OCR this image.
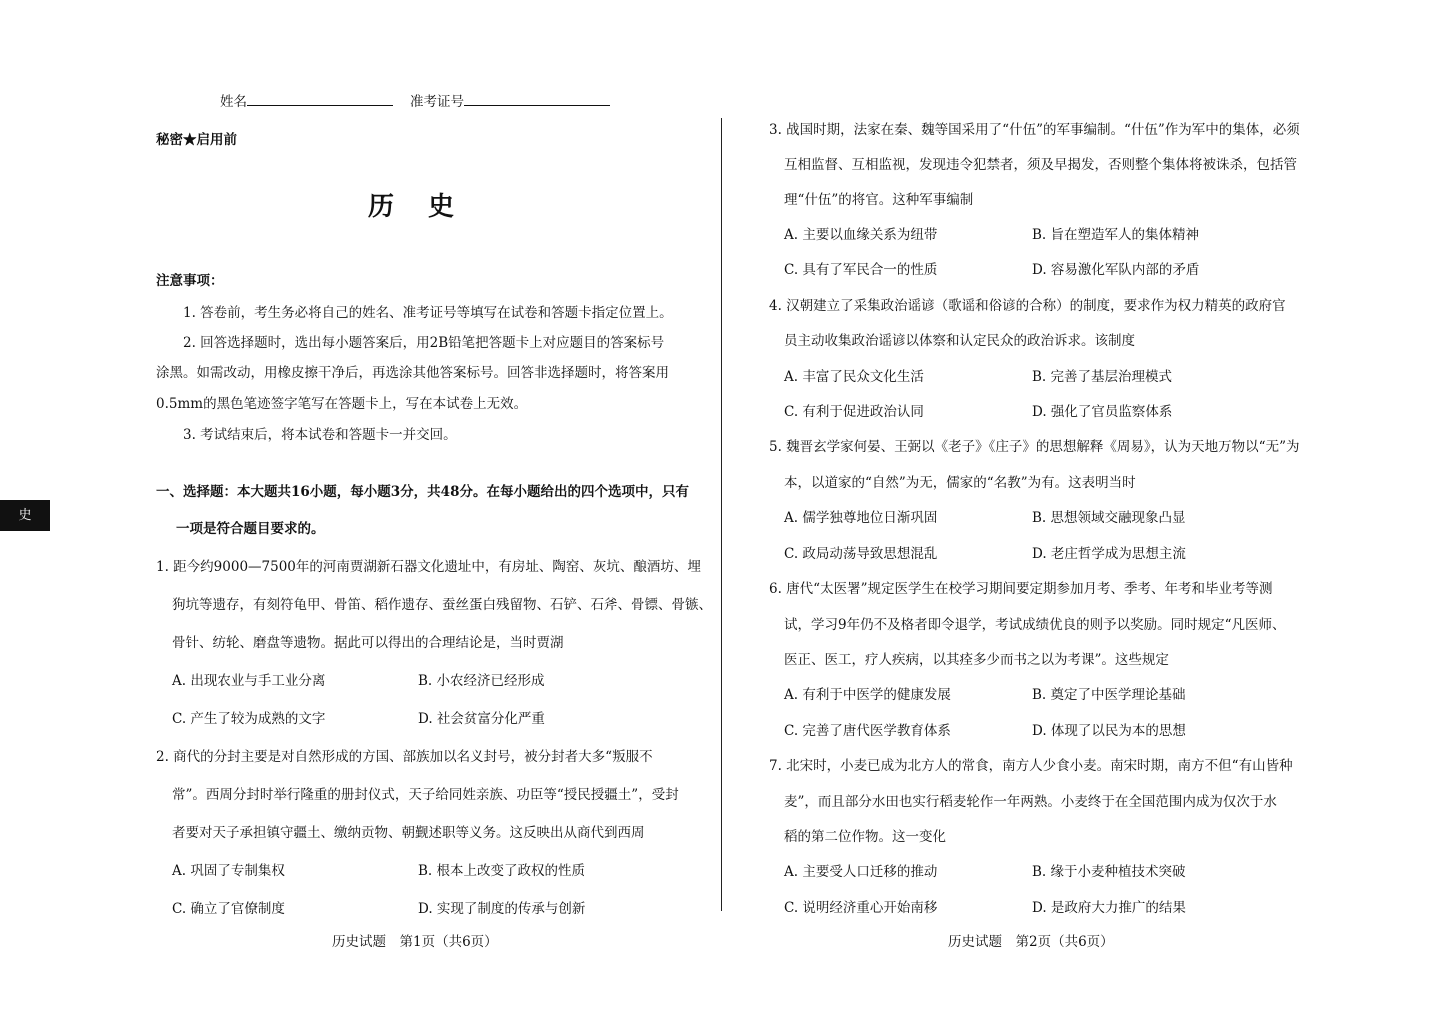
姓名	准考证号
秘密★启用前
历史
史
注意事项：
1. 答卷前，考生务必将自己的姓名、准考证号等填写在试卷和答题卡指定位置上。
2. 回答选择题时，选出每小题答案后，用2B铅笔把答题卡上对应题目的答案标号
涂黑。如需改动，用橡皮擦干净后，再选涂其他答案标号。回答非选择题时，将答案用
0.5mm的黑色笔迹签字笔写在答题卡上，写在本试卷上无效。
3. 考试结束后，将本试卷和答题卡一并交回。
一、选择题：本大题共16小题，每小题3分，共48分。在每小题给出的四个选项中，只有
一项是符合题目要求的。
1. 距今约9000—7500年的河南贾湖新石器文化遗址中，有房址、陶窑、灰坑、酿酒坊、埋
狗坑等遗存，有刻符龟甲、骨笛、稻作遗存、蚕丝蛋白残留物、石铲、石斧、骨镖、骨镞、
骨针、纺轮、磨盘等遗物。据此可以得出的合理结论是，当时贾湖
A. 出现农业与手工业分离	B. 小农经济已经形成
C. 产生了较为成熟的文字	D. 社会贫富分化严重
2. 商代的分封主要是对自然形成的方国、部族加以名义封号，被分封者大多“叛服不
常”。西周分封时举行隆重的册封仪式，天子给同姓亲族、功臣等“授民授疆土”，受封
者要对天子承担镇守疆土、缴纳贡物、朝觐述职等义务。这反映出从商代到西周
A. 巩固了专制集权	B. 根本上改变了政权的性质
C. 确立了官僚制度	D. 实现了制度的传承与创新
3. 战国时期，法家在秦、魏等国采用了“什伍”的军事编制。“什伍”作为军中的集体，必须
互相监督、互相监视，发现违令犯禁者，须及早揭发，否则整个集体将被诛杀，包括管
理“什伍”的将官。这种军事编制
A. 主要以血缘关系为纽带	B. 旨在塑造军人的集体精神
C. 具有了军民合一的性质	D. 容易激化军队内部的矛盾
4. 汉朝建立了采集政治谣谚（歌谣和俗谚的合称）的制度，要求作为权力精英的政府官
员主动收集政治谣谚以体察和认定民众的政治诉求。该制度
A. 丰富了民众文化生活	B. 完善了基层治理模式
C. 有利于促进政治认同	D. 强化了官员监察体系
5. 魏晋玄学家何晏、王弼以《老子》《庄子》的思想解释《周易》，认为天地万物以“无”为
本，以道家的“自然”为无，儒家的“名教”为有。这表明当时
A. 儒学独尊地位日渐巩固	B. 思想领域交融现象凸显
C. 政局动荡导致思想混乱	D. 老庄哲学成为思想主流
6. 唐代“太医署”规定医学生在校学习期间要定期参加月考、季考、年考和毕业考等测
试，学习9年仍不及格者即令退学，考试成绩优良的则予以奖励。同时规定“凡医师、
医正、医工，疗人疾病，以其痊多少而书之以为考课”。这些规定
A. 有利于中医学的健康发展	B. 奠定了中医学理论基础
C. 完善了唐代医学教育体系	D. 体现了以民为本的思想
7. 北宋时，小麦已成为北方人的常食，南方人少食小麦。南宋时期，南方不但“有山皆种
麦”，而且部分水田也实行稻麦轮作一年两熟。小麦终于在全国范围内成为仅次于水
稻的第二位作物。这一变化
A. 主要受人口迁移的推动	B. 缘于小麦种植技术突破
C. 说明经济重心开始南移	D. 是政府大力推广的结果
历史试题　第1页（共6页）	历史试题　第2页（共6页）
